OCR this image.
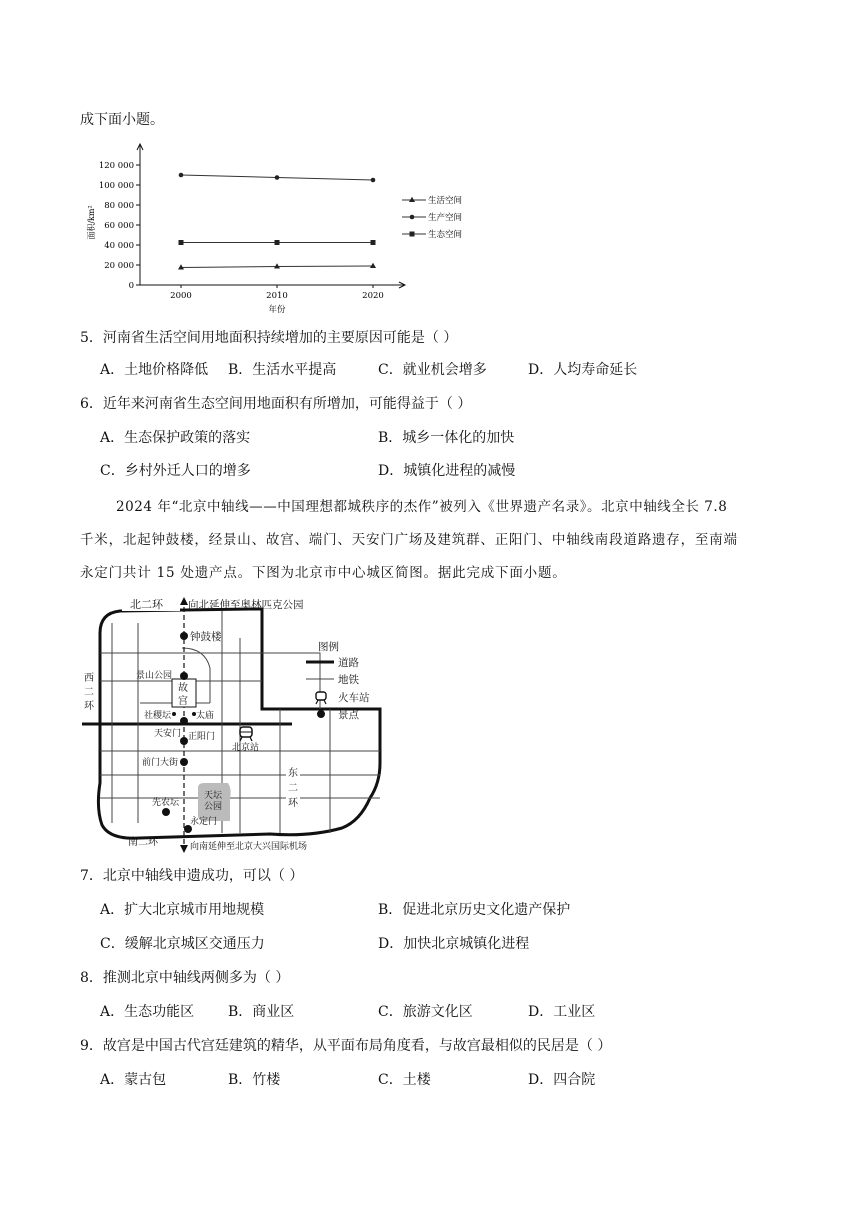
成下面小题。
0
20 000
40 000
60 000
80 000
100 000
120 000
2000	2010	2020
年份
面积/km²
生活空间
生产空间
生态空间
5．河南省生活空间用地面积持续增加的主要原因可能是（ ）
A．土地价格降低 B．生活水平提高	C．就业机会增多	D．人均寿命延长
6．近年来河南省生态空间用地面积有所增加，可能得益于（ ）
A．生态保护政策的落实	B．城乡一体化的加快
C．乡村外迁人口的增多	D．城镇化进程的减慢
2024 年“北京中轴线——中国理想都城秩序的杰作”被列入《世界遗产名录》。北京中轴线全长 7.8
千米，北起钟鼓楼，经景山、故宫、端门、天安门广场及建筑群、正阳门、中轴线南段道路遗存，至南端
永定门共计 15 处遗产点。下图为北京市中心城区简图。据此完成下面小题。
北二环 向北延伸至奥林匹克公园
钟鼓楼
景山公园
故
宫
社稷坛	太庙
天安门 正阳门
北京站
前门大街
天坛
公园
先农坛
永定门
南二环	向南延伸至北京大兴国际机场
西
二
环
东
二
环
图例
道路
地铁
火车站
景点
7．北京中轴线申遗成功，可以（ ）
A．扩大北京城市用地规模	B．促进北京历史文化遗产保护
C．缓解北京城区交通压力	D．加快北京城镇化进程
8．推测北京中轴线两侧多为（ ）
A．生态功能区 B．商业区	C．旅游文化区	D．工业区
9．故宫是中国古代宫廷建筑的精华，从平面布局角度看，与故宫最相似的民居是（ ）
A．蒙古包	B．竹楼	C．土楼	D．四合院
